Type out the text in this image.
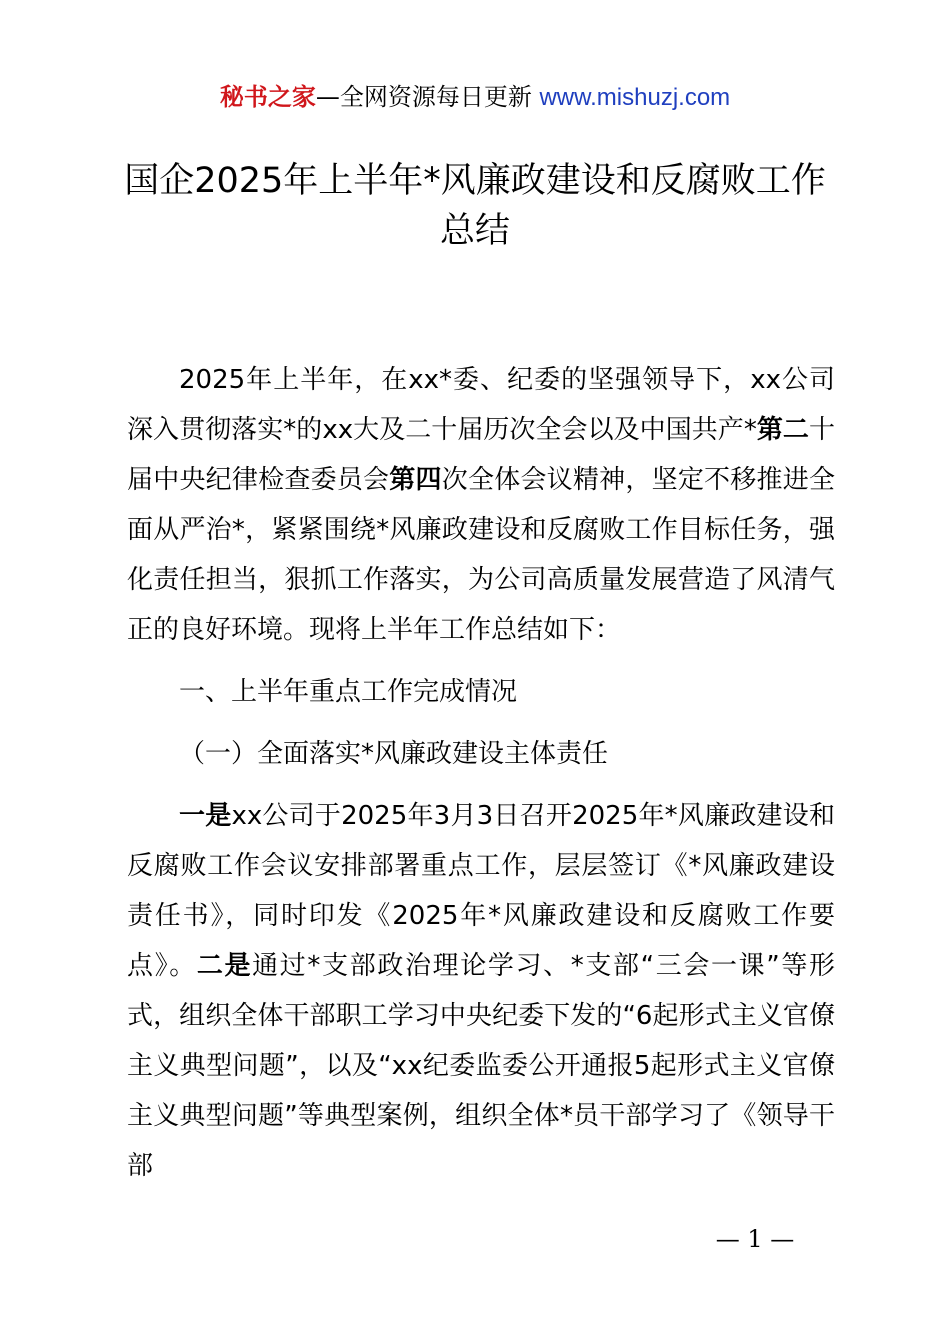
秘书之家—全网资源每日更新 www.mishuzj.com
国企2025年上半年*风廉政建设和反腐败工作总结

2025年上半年，在xx*委、纪委的坚强领导下，xx公司深入贯彻落实*的xx大及二十届历次全会以及中国共产*第二十届中央纪律检查委员会第四次全体会议精神，坚定不移推进全面从严治*，紧紧围绕*风廉政建设和反腐败工作目标任务，强化责任担当，狠抓工作落实，为公司高质量发展营造了风清气正的良好环境。现将上半年工作总结如下：

一、上半年重点工作完成情况

（一）全面落实*风廉政建设主体责任

一是xx公司于2025年3月3日召开2025年*风廉政建设和反腐败工作会议安排部署重点工作，层层签订《*风廉政建设责任书》，同时印发《2025年*风廉政建设和反腐败工作要点》。二是通过*支部政治理论学习、*支部“三会一课”等形式，组织全体干部职工学习中央纪委下发的“6起形式主义官僚主义典型问题”，以及“xx纪委监委公开通报5起形式主义官僚主义典型问题”等典型案例，组织全体*员干部学习了《领导干部

— 1 —
